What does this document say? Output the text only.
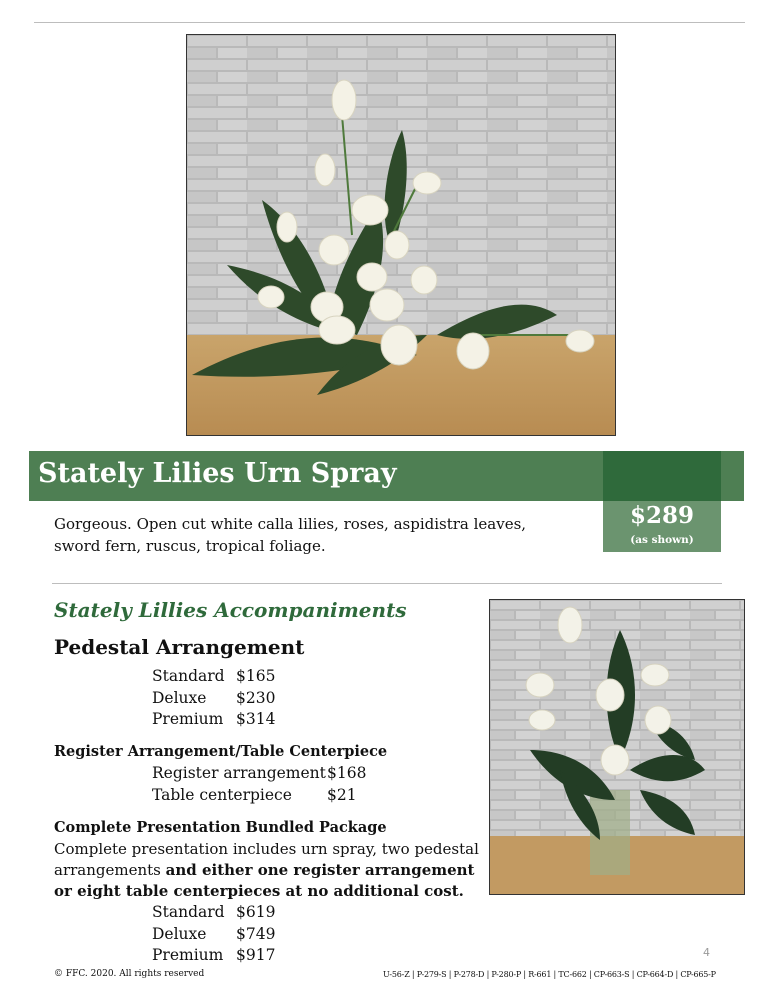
Stately Lilies Urn Spray
$289
(as shown)
Gorgeous. Open cut white calla lilies, roses, aspidistra leaves, sword fern, ruscus, tropical foliage.
Stately Lillies Accompaniments
Pedestal Arrangement
Standard $165
Deluxe $230
Premium $314
Register Arrangement/Table Centerpiece
Register arrangement $168
Table centerpiece $21
Complete Presentation Bundled Package
Complete presentation includes urn spray, two pedestal arrangements and either one register arrangement or eight table centerpieces at no additional cost.
Standard $619
Deluxe $749
Premium $917	4
© FFC. 2020. All rights reserved	U-56-Z | P-279-S | P-278-D | P-280-P | R-661 | TC-662 | CP-663-S | CP-664-D | CP-665-P
